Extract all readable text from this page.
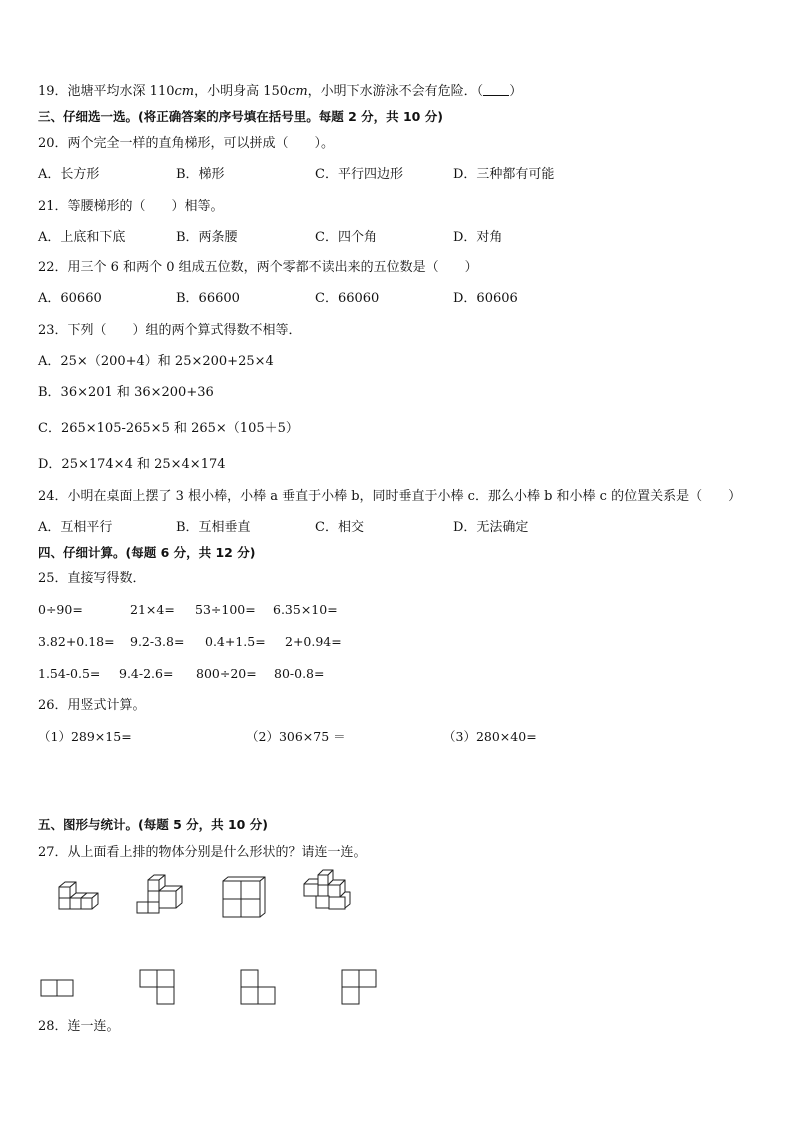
19．池塘平均水深 110cm，小明身高 150cm，小明下水游泳不会有危险．（ ）
三、仔细选一选。(将正确答案的序号填在括号里。每题 2 分，共 10 分)
20．两个完全一样的直角梯形，可以拼成（　　）。
A．长方形	B．梯形	C．平行四边形	D．三种都有可能
21．等腰梯形的（　　）相等。
A．上底和下底	B．两条腰	C．四个角	D．对角
22．用三个 6 和两个 0 组成五位数，两个零都不读出来的五位数是（　　）
A．60660	B．66600	C．66060	D．60606
23．下列（　　）组的两个算式得数不相等．
A．25×（200+4）和 25×200+25×4
B．36×201 和 36×200+36
C．265×105-265×5 和 265×（105＋5）
D．25×174×4 和 25×4×174
24．小明在桌面上摆了 3 根小棒，小棒 a 垂直于小棒 b，同时垂直于小棒 c．那么小棒 b 和小棒 c 的位置关系是（　　）
A．互相平行	B．互相垂直	C．相交	D．无法确定
四、仔细计算。(每题 6 分，共 12 分)
25．直接写得数．
0÷90=	21×4= 53÷100= 6.35×10=
3.82+0.18= 9.2-3.8= 0.4+1.5= 2+0.94=
1.54-0.5= 9.4-2.6= 800÷20= 80-0.8=
26．用竖式计算。
（1）289×15=	（2）306×75 ＝	（3）280×40=
五、图形与统计。(每题 5 分，共 10 分)
27．从上面看上排的物体分别是什么形状的？请连一连。
28．连一连。
